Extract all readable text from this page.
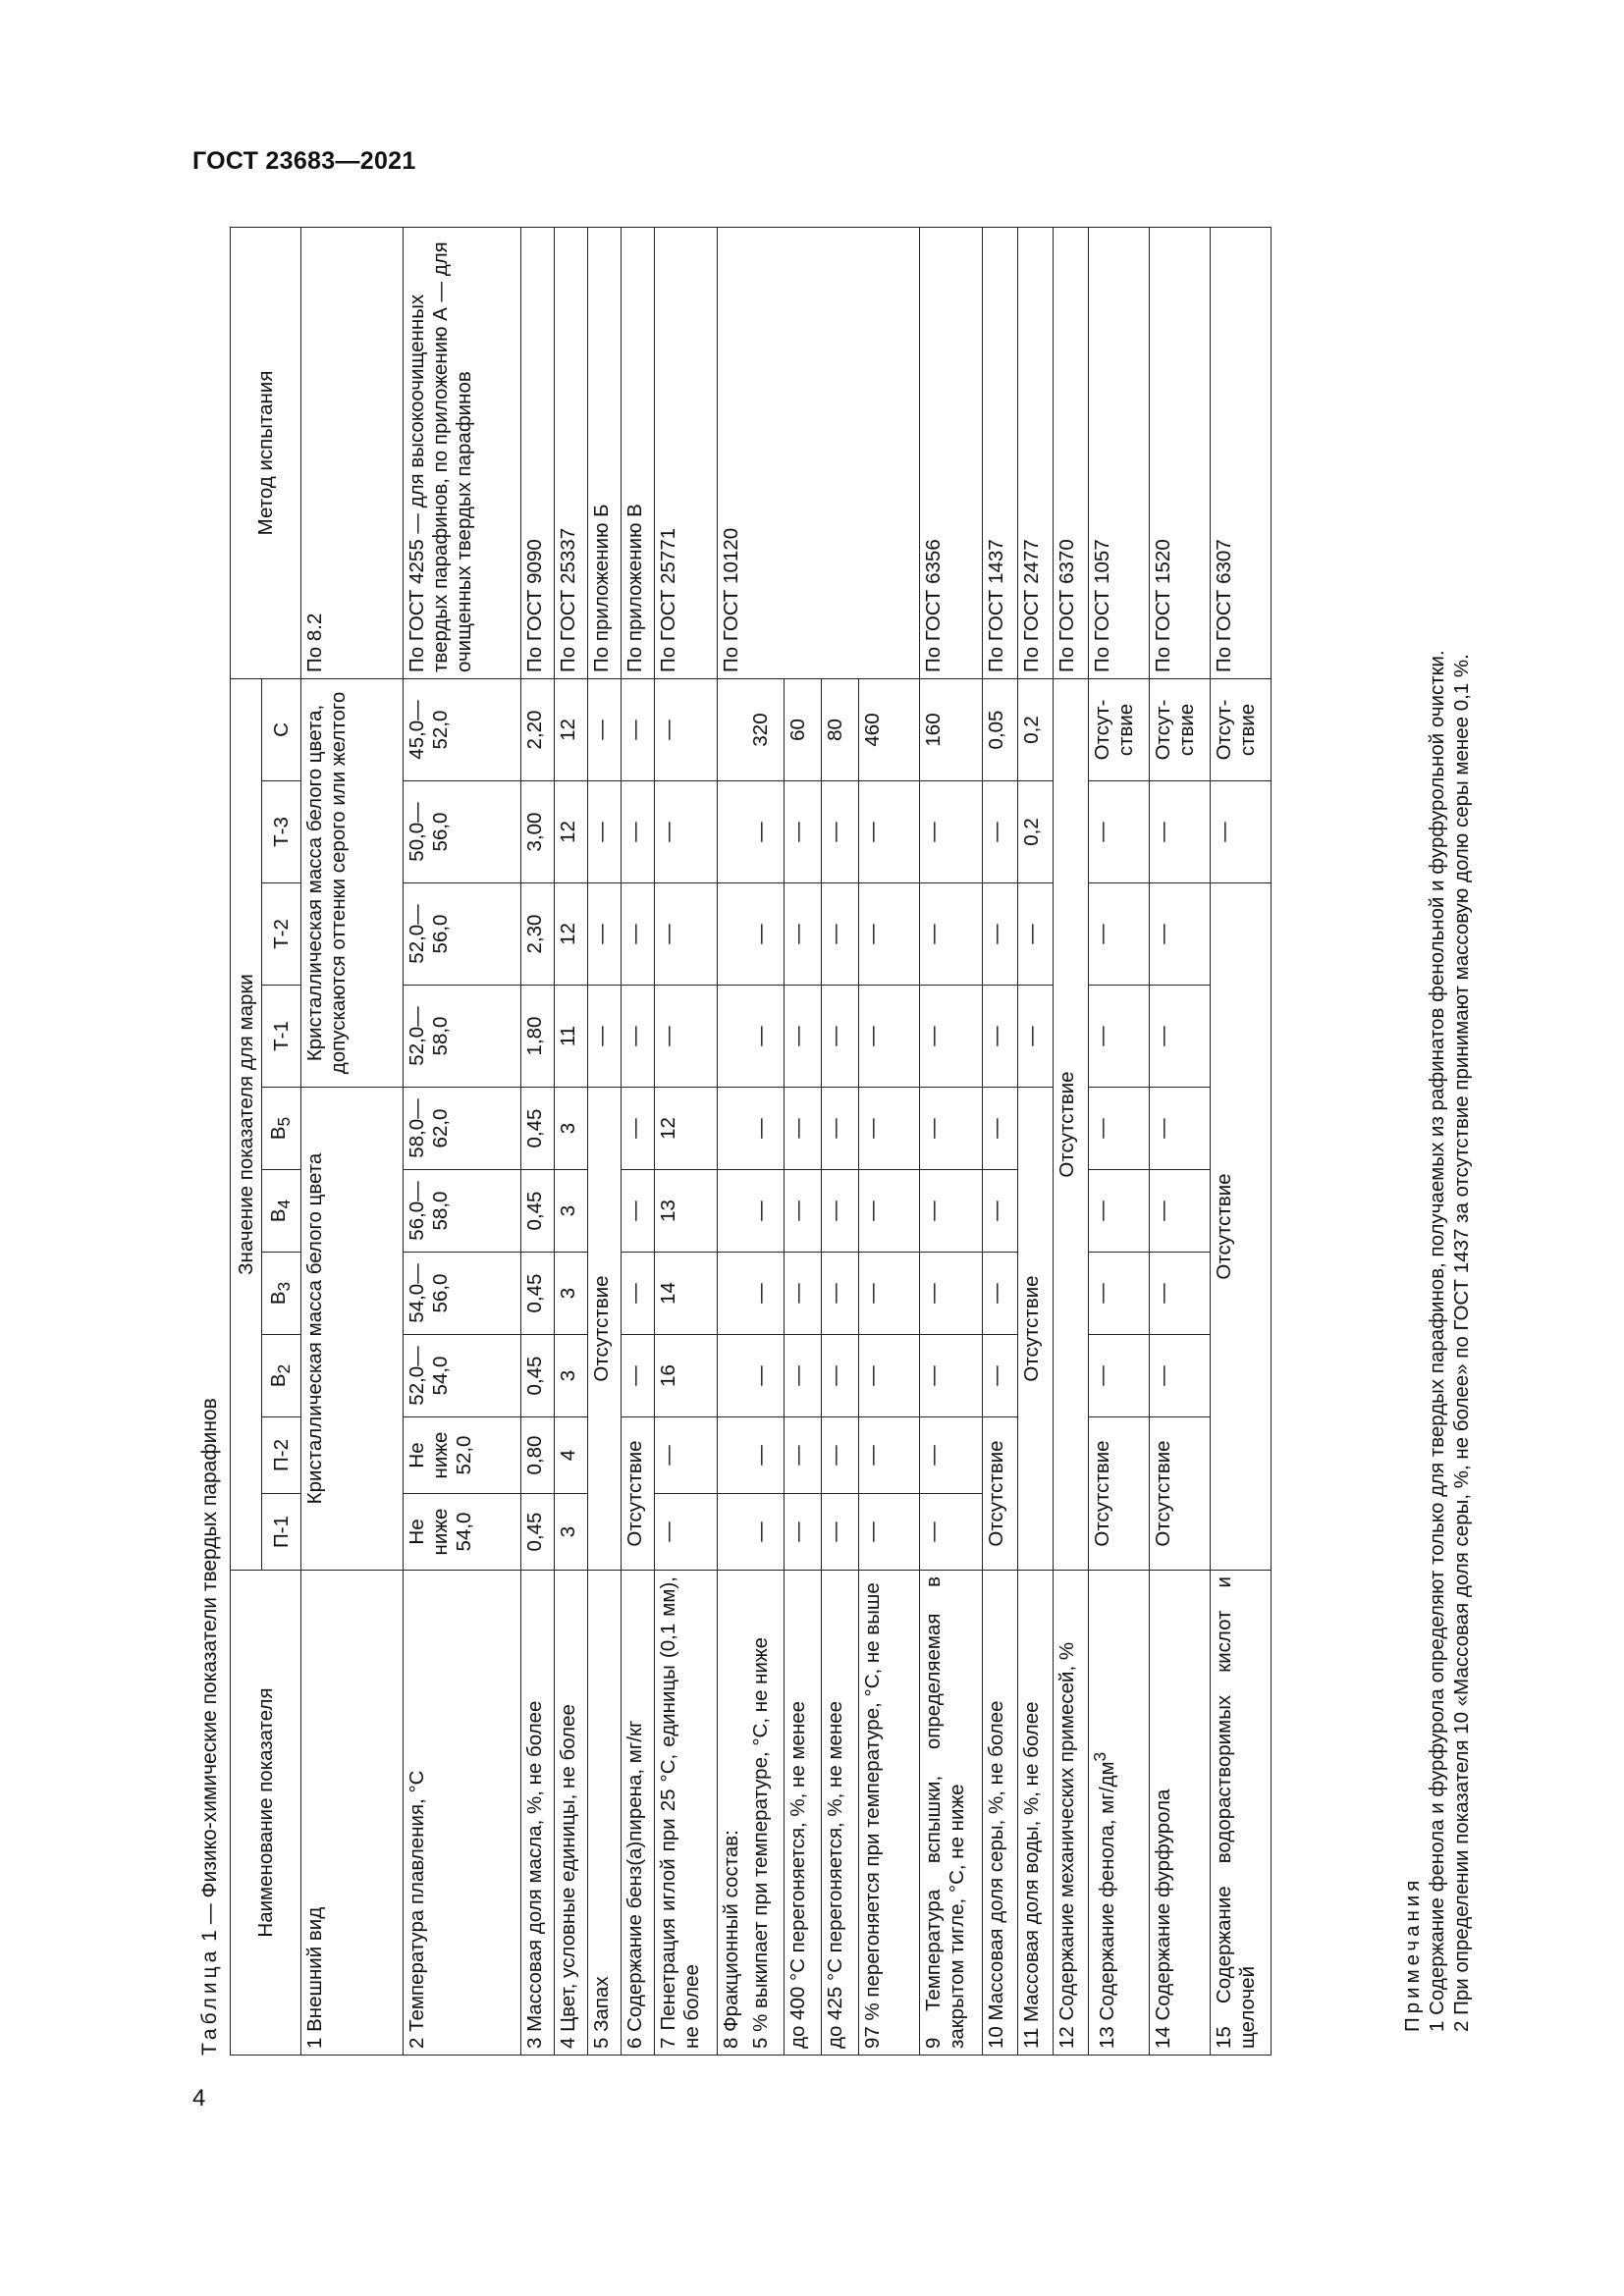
ГОСТ 23683—2021
4
Таблица 1 — Физико-химические показатели твердых парафинов	Наименование показателя	Значение показателя для марки										Метод испытания
	П-1	П-2	$В_2$	$В_3$	$В_4$	$В_5$	Т-1	Т-2	Т-3	С	
1 Внешний вид	Кристаллическая масса белого цвета						Кристаллическая масса белого цвета, допускаются оттенки серого или желтого				По 8.2
2 Температура плавления, °С	Не ниже 54,0	Не ниже 52,0	52,0—54,0	54,0—56,0	56,0—58,0	58,0—62,0	52,0—58,0	52,0—56,0	50,0—56,0	45,0—52,0	По ГОСТ 4255 — для высокоочищенных твердых парафинов, по приложению А — для очищенных твердых парафинов
3 Массовая доля масла, %, не более	0,45	0,80	0,45	0,45	0,45	0,45	1,80	2,30	3,00	2,20	По ГОСТ 9090
4 Цвет, условные единицы, не более	3	4	3	3	3	3	11	12	12	12	По ГОСТ 25337
5 Запах	Отсутствие						—	—	—	—	По приложению Б
6 Содержание бенз(а)пирена, мг/кг	Отсутствие		—	—	—	—	—	—	—	—	По приложению В
7 Пенетрация иглой при 25 °С, единицы (0,1 мм), не более	—	—	16	14	13	12	—	—	—	—	По ГОСТ 25771
8 Фракционный состав:											По ГОСТ 10120
5 % выкипает при температуре, °С, не ниже	—	—	—	—	—	—	—	—	—	320	
до 400 °С перегоняется, %, не менее	—	—	—	—	—	—	—	—	—	60	
до 425 °С перегоняется, %, не менее	—	—	—	—	—	—	—	—	—	80	
97 % перегоняется при температуре, °С, не выше	—	—	—	—	—	—	—	—	—	460	
9 Температура вспышки, определяемая в закрытом тигле, °С, не ниже	—	—	—	—	—	—	—	—	—	160	По ГОСТ 6356
10 Массовая доля серы, %, не более	Отсутствие		—	—	—	—	—	—	—	0,05	По ГОСТ 1437
11 Массовая доля воды, %, не более	Отсутствие						—	—	0,2	0,2	По ГОСТ 2477
12 Содержание механических примесей, %	Отсутствие										По ГОСТ 6370
13 Содержание фенола, $мг/дм^3$	Отсутствие		—	—	—	—	—	—	—	Отсут-ствие	По ГОСТ 1057
14 Содержание фурфурола	Отсутствие		—	—	—	—	—	—	—	Отсут-ствие	По ГОСТ 1520
15 Содержание водорастворимых кислот и щелочей	Отсутствие								—	Отсут-ствие	По ГОСТ 6307
Примечания 1 Содержание фенола и фурфурола определяют только для твердых парафинов, получаемых из рафинатов фенольной и фурфурольной очистки. 2 При определении показателя 10 «Массовая доля серы, %, не более» по ГОСТ 1437 за отсутствие принимают массовую долю серы менее 0,1 %.
